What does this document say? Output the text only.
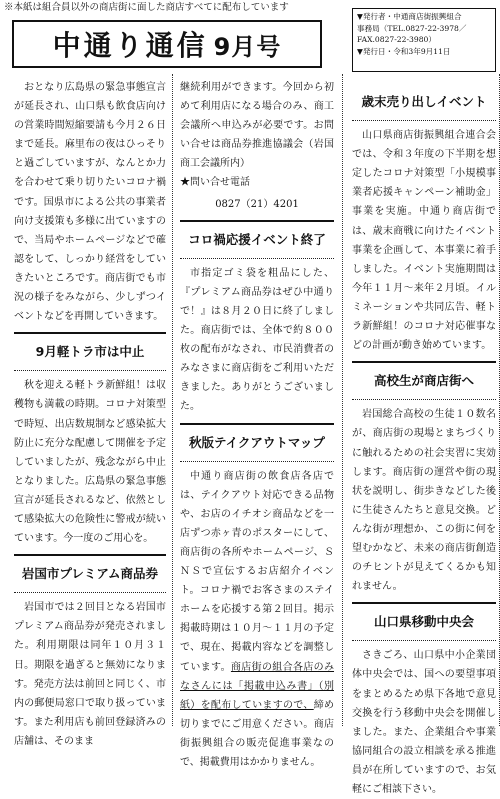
※本紙は組合員以外の商店街に面した商店すべてに配布しています
中通り通信 9月号
▼発行者・中通商店街振興組合
事務局（TEL.0827-22-3978／
FAX.0827-22-3980）
▼発行日・令和3年9月11日

おとなり広島県の緊急事態宣言が延長され、山口県も飲食店向けの営業時間短縮要請も今月２６日まで延長。麻里布の夜はひっそりと過ごしていますが、なんとか力を合わせて乗り切りたいコロナ禍です。国県市による公共の事業者向け支援策も多様に出ていますので、当局やホームページなどで確認をして、しっかり経営をしていきたいところです。商店街でも市況の様子をみながら、少しずつイベントなどを再開していきます。

9月軽トラ市は中止

秋を迎える軽トラ新鮮組！は収穫物も満載の時期。コロナ対策型で時短、出店数規制など感染拡大防止に充分な配慮して開催を予定していましたが、残念ながら中止となりました。広島県の緊急事態宣言が延長されるなど、依然として感染拡大の危険性に警戒が続いています。今一度のご用心を。

岩国市プレミアム商品券

岩国市では２回目となる岩国市プレミアム商品券が発売されました。利用期限は同年１０月３１日。期限を過ぎると無効になります。発売方法は前回と同じく、市内の郵便局窓口で取り扱っています。また利用店も前回登録済みの店舗は、そのまま

継続利用ができます。今回から初めて利用店になる場合のみ、商工会議所へ申込みが必要です。お問い合せは商品券推進協議会（岩国商工会議所内）

★問い合せ電話

0827（21）4201
コロ禍応援イベント終了

市指定ゴミ袋を粗品にした、『プレミアム商品券はぜひ中通りで！』は８月２０日に終了しました。商店街では、全体で約８００枚の配布がなされ、市民消費者のみなさまに商店街をご利用いただきました。ありがとうございました。

秋版テイクアウトマップ

中通り商店街の飲食店各店では、テイクアウト対応できる品物や、お店のイチオシ商品などを一店ずつ赤ヶ青のポスターにして、商店街の各所やホームページ、ＳＮＳで宣伝するお店紹介イベント。コロナ禍でお客さまのステイホームを応援する第２回目。掲示掲載時期は１０月～１１月の予定で、現在、掲載内容などを調整しています。商店街の組合各店のみなさんには「掲載申込み書」（別紙）を配布していますので、締め切りまでにご用意ください。商店街振興組合の販売促進事業なので、掲載費用はかかりません。

歳末売り出しイベント

山口県商店街振興組合連合会では、令和３年度の下半期を想定したコロナ対策型「小規模事業者応援キャンペーン補助金」事業を実施。中通り商店街では、歳末商戦に向けたイベント事業を企画して、本事業に着手しました。イベント実施期間は今年１１月～来年２月頃。イルミネーションや共同広告、軽トラ新鮮組！のコロナ対応催事などの計画が動き始めています。

高校生が商店街へ

岩国総合高校の生徒１０数名が、商店街の現場とまちづくりに触れるための社会実習に実効します。商店街の運営や街の現状を説明し、街歩きなどした後に生徒さんたちと意見交換。どんな街が理想か、この街に何を望むかなど、未来の商店街創造のチヒントが見えてくるかも知れません。

山口県移動中央会

さきごろ、山口県中小企業団体中央会では、国への要望事項をまとめるため県下各地で意見交換を行う移動中央会を開催しました。また、企業組合や事業協同組合の設立相談を承る推進員が在所していますので、お気軽にご相談下さい。
